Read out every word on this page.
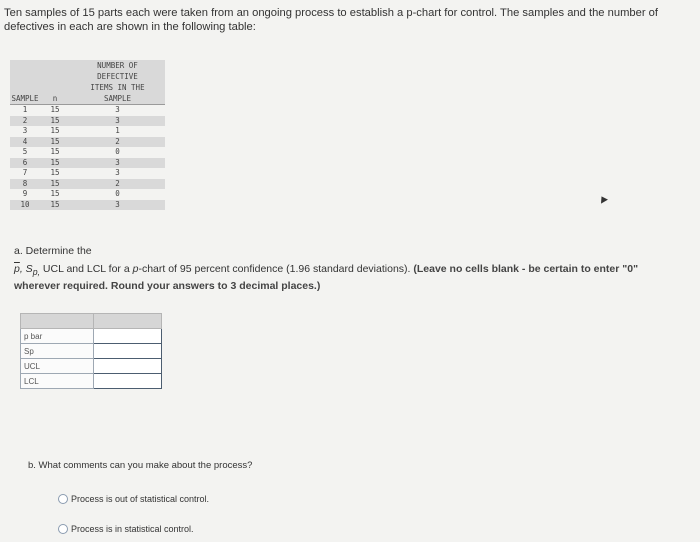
Ten samples of 15 parts each were taken from an ongoing process to establish a p-chart for control. The samples and the number of defectives in each are shown in the following table:
SAMPLE	n	NUMBER OF
DEFECTIVE
ITEMS IN THE
SAMPLE
1	15	3
2	15	3
3	15	1
4	15	2
5	15	0
6	15	3
7	15	3
8	15	2
9	15	0
10	15	3
a. Determine the
$\overline{p}$, $S_{p,}$ UCL and LCL for a p-chart of 95 percent confidence (1.96 standard deviations). (Leave no cells blank - be certain to enter "0"
wherever required. Round your answers to 3 decimal places.)

p bar	
Sp	
UCL	
LCL	
b. What comments can you make about the process?
Process is out of statistical control.
Process is in statistical control.
